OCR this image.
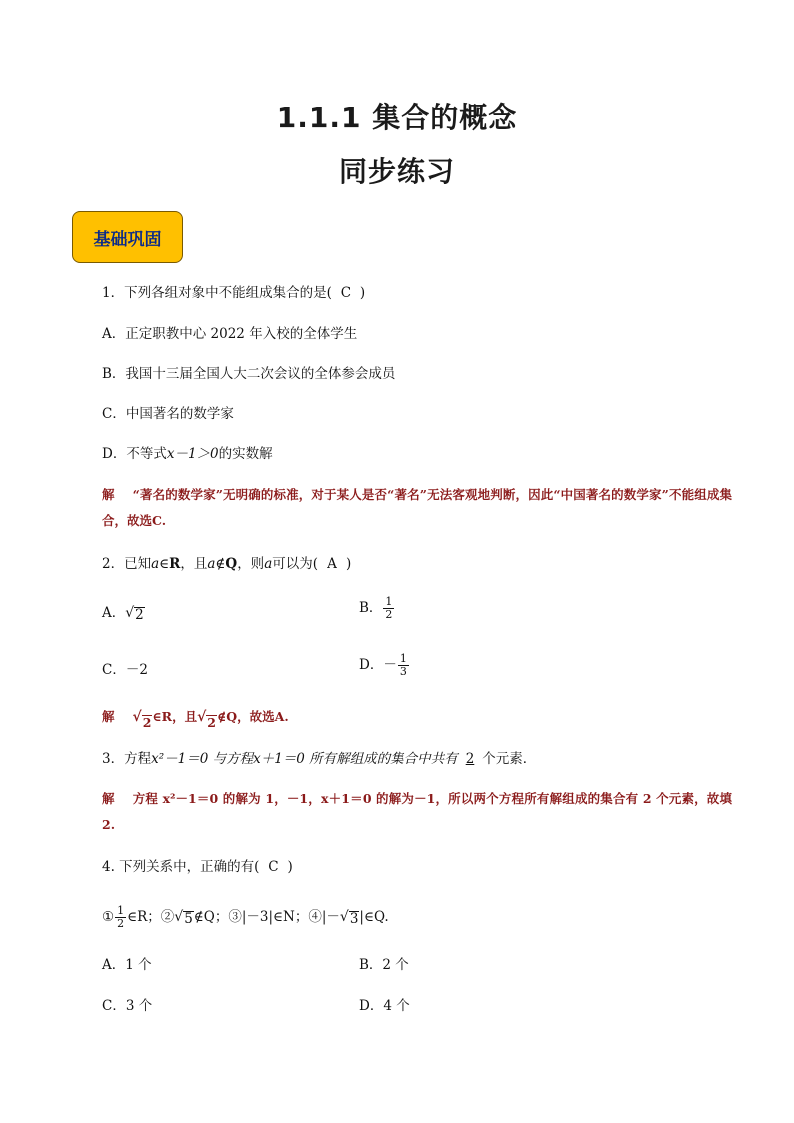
1.1.1 集合的概念
同步练习
基础巩固
1．下列各组对象中不能组成集合的是( C )
A．正定职教中心 2022 年入校的全体学生
B．我国十三届全国人大二次会议的全体参会成员
C．中国著名的数学家
D．不等式x－1＞0的实数解
解 “著名的数学家”无明确的标准，对于某人是否“著名”无法客观地判断，因此“中国著名的数学家”不能组成集合，故选C.
2．已知a∈R，且a∉Q，则a可以为( A )
A． √ 2	B． $\frac{1}{2}$
C．－2	D．－ $\frac{1}{3}$
解 √ 2 ∈R，且 √ 2 ∉Q，故选A.
3．方程x²－1＝0 与方程x＋1＝0 所有解组成的集合中共有 2 个元素．
解 方程 x²－1＝0 的解为 1，－1，x＋1＝0 的解为－1，所以两个方程所有解组成的集合有 2 个元素，故填 2.
4. 下列关系中，正确的有( C )
① $\frac{1}{2}$ ∈R；② √ 5 ∉Q；③|－3|∈N；④|－ √ 3 |∈Q.
A．1 个	B．2 个
C．3 个	D．4 个
